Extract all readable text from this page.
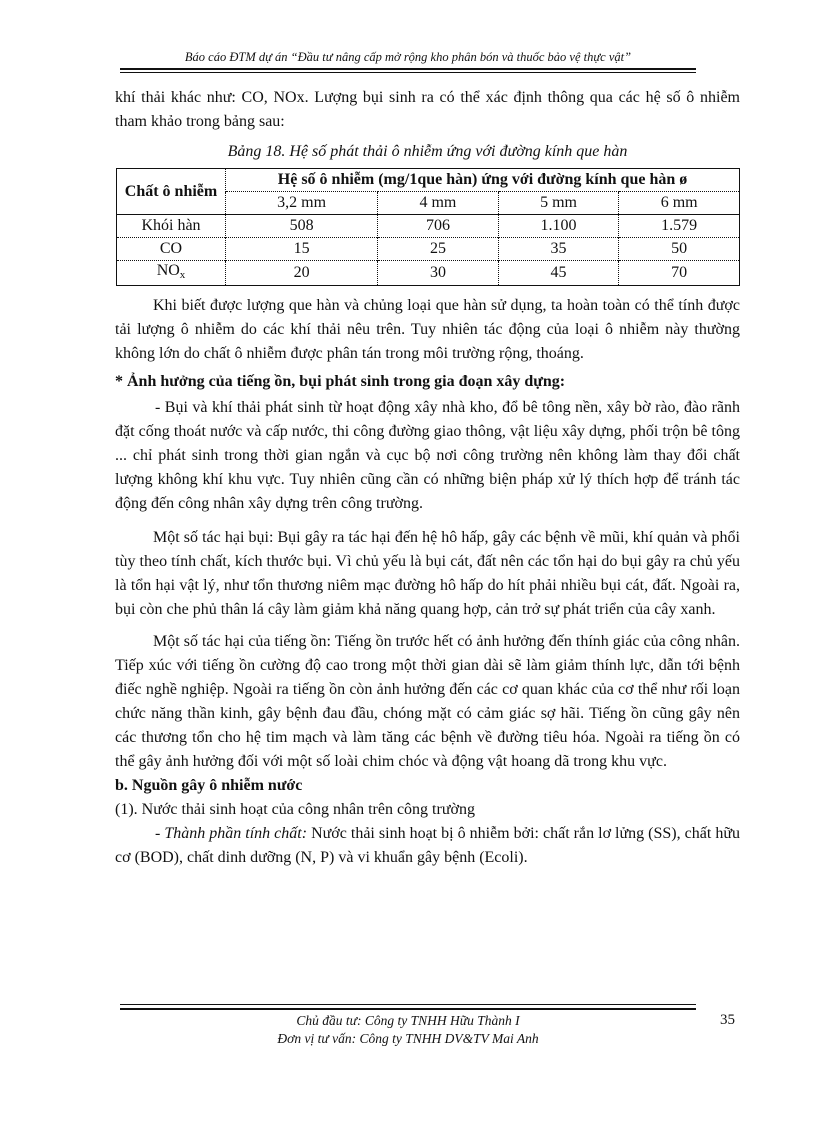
Báo cáo ĐTM dự án “Đầu tư nâng cấp mở rộng kho phân bón và thuốc bảo vệ thực vật”

khí thải khác như: CO, NOx. Lượng bụi sinh ra có thể xác định thông qua các hệ số ô nhiễm tham khảo trong bảng sau:

Bảng 18. Hệ số phát thải ô nhiễm ứng với đường kính que hàn
Chất ô nhiễm	Hệ số ô nhiễm (mg/1que hàn) ứng với đường kính que hàn ø			
	3,2 mm	4 mm	5 mm	6 mm
Khói hàn	508	706	1.100	1.579
CO	15	25	35	50
$NO_x$	20	30	45	70

Khi biết được lượng que hàn và chủng loại que hàn sử dụng, ta hoàn toàn có thể tính được tải lượng ô nhiễm do các khí thải nêu trên. Tuy nhiên tác động của loại ô nhiễm này thường không lớn do chất ô nhiễm được phân tán trong môi trường rộng, thoáng.

* Ảnh hưởng của tiếng ồn, bụi phát sinh trong gia đoạn xây dựng:

- Bụi và khí thải phát sinh từ hoạt động xây nhà kho, đổ bê tông nền, xây bờ rào, đào rãnh đặt cống thoát nước và cấp nước, thi công đường giao thông, vật liệu xây dựng, phối trộn bê tông ... chỉ phát sinh trong thời gian ngắn và cục bộ nơi công trường nên không làm thay đổi chất lượng không khí khu vực. Tuy nhiên cũng cần có những biện pháp xử lý thích hợp để tránh tác động đến công nhân xây dựng trên công trường.

Một số tác hại bụi: Bụi gây ra tác hại đến hệ hô hấp, gây các bệnh về mũi, khí quản và phổi tùy theo tính chất, kích thước bụi. Vì chủ yếu là bụi cát, đất nên các tổn hại do bụi gây ra chủ yếu là tổn hại vật lý, như tổn thương niêm mạc đường hô hấp do hít phải nhiều bụi cát, đất. Ngoài ra, bụi còn che phủ thân lá cây làm giảm khả năng quang hợp, cản trở sự phát triển của cây xanh.

Một số tác hại của tiếng ồn: Tiếng ồn trước hết có ảnh hưởng đến thính giác của công nhân. Tiếp xúc với tiếng ồn cường độ cao trong một thời gian dài sẽ làm giảm thính lực, dẫn tới bệnh điếc nghề nghiệp. Ngoài ra tiếng ồn còn ảnh hưởng đến các cơ quan khác của cơ thể như rối loạn chức năng thần kinh, gây bệnh đau đầu, chóng mặt có cảm giác sợ hãi. Tiếng ồn cũng gây nên các thương tổn cho hệ tim mạch và làm tăng các bệnh về đường tiêu hóa. Ngoài ra tiếng ồn có thể gây ảnh hưởng đối với một số loài chim chóc và động vật hoang dã trong khu vực.

b. Nguồn gây ô nhiễm nước

(1). Nước thải sinh hoạt của công nhân trên công trường

- Thành phần tính chất: Nước thải sinh hoạt bị ô nhiễm bởi: chất rắn lơ lửng (SS), chất hữu cơ (BOD), chất dinh dưỡng (N, P) và vi khuẩn gây bệnh (Ecoli).

Chủ đầu tư: Công ty TNHH Hữu Thành I
Đơn vị tư vấn: Công ty TNHH DV&TV Mai Anh
35
